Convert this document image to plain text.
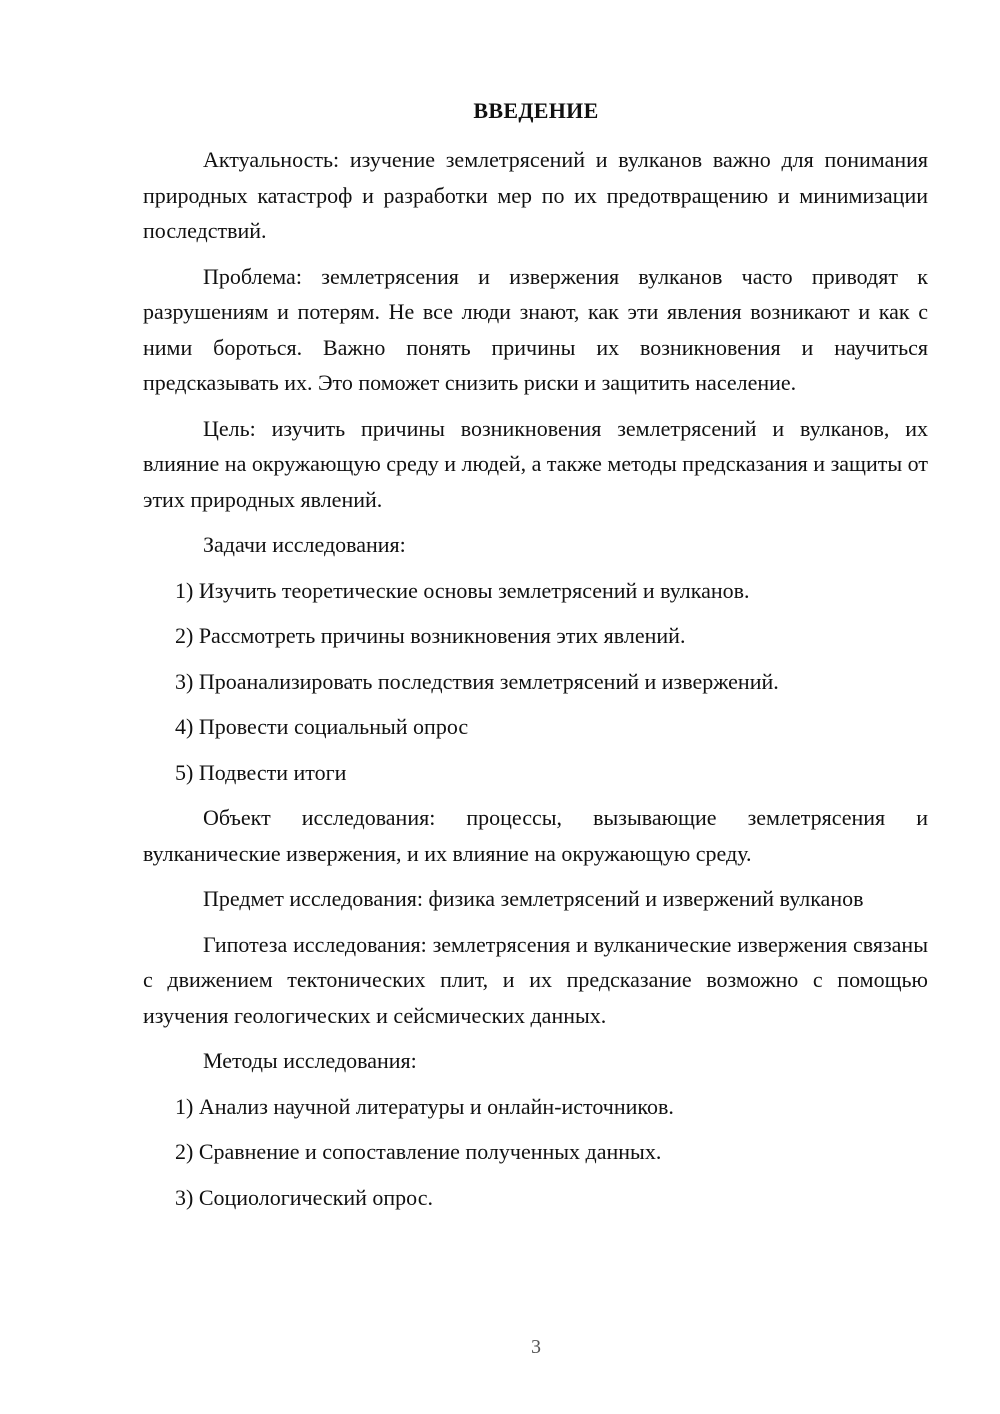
ВВЕДЕНИЕ

Актуальность: изучение землетрясений и вулканов важно для понимания природных катастроф и разработки мер по их предотвращению и минимизации последствий.

Проблема: землетрясения и извержения вулканов часто приводят к разрушениям и потерям. Не все люди знают, как эти явления возникают и как с ними бороться. Важно понять причины их возникновения и научиться предсказывать их. Это поможет снизить риски и защитить население.

Цель: изучить причины возникновения землетрясений и вулканов, их влияние на окружающую среду и людей, а также методы предсказания и защиты от этих природных явлений.

Задачи исследования:

1) Изучить теоретические основы землетрясений и вулканов.

2) Рассмотреть причины возникновения этих явлений.

3) Проанализировать последствия землетрясений и извержений.

4) Провести социальный опрос

5) Подвести итоги

Объект исследования: процессы, вызывающие землетрясения и вулканические извержения, и их влияние на окружающую среду.

Предмет исследования: физика землетрясений и извержений вулканов

Гипотеза исследования: землетрясения и вулканические извержения связаны с движением тектонических плит, и их предсказание возможно с помощью изучения геологических и сейсмических данных.

Методы исследования:

1) Анализ научной литературы и онлайн-источников.

2) Сравнение и сопоставление полученных данных.

3) Социологический опрос.

3
